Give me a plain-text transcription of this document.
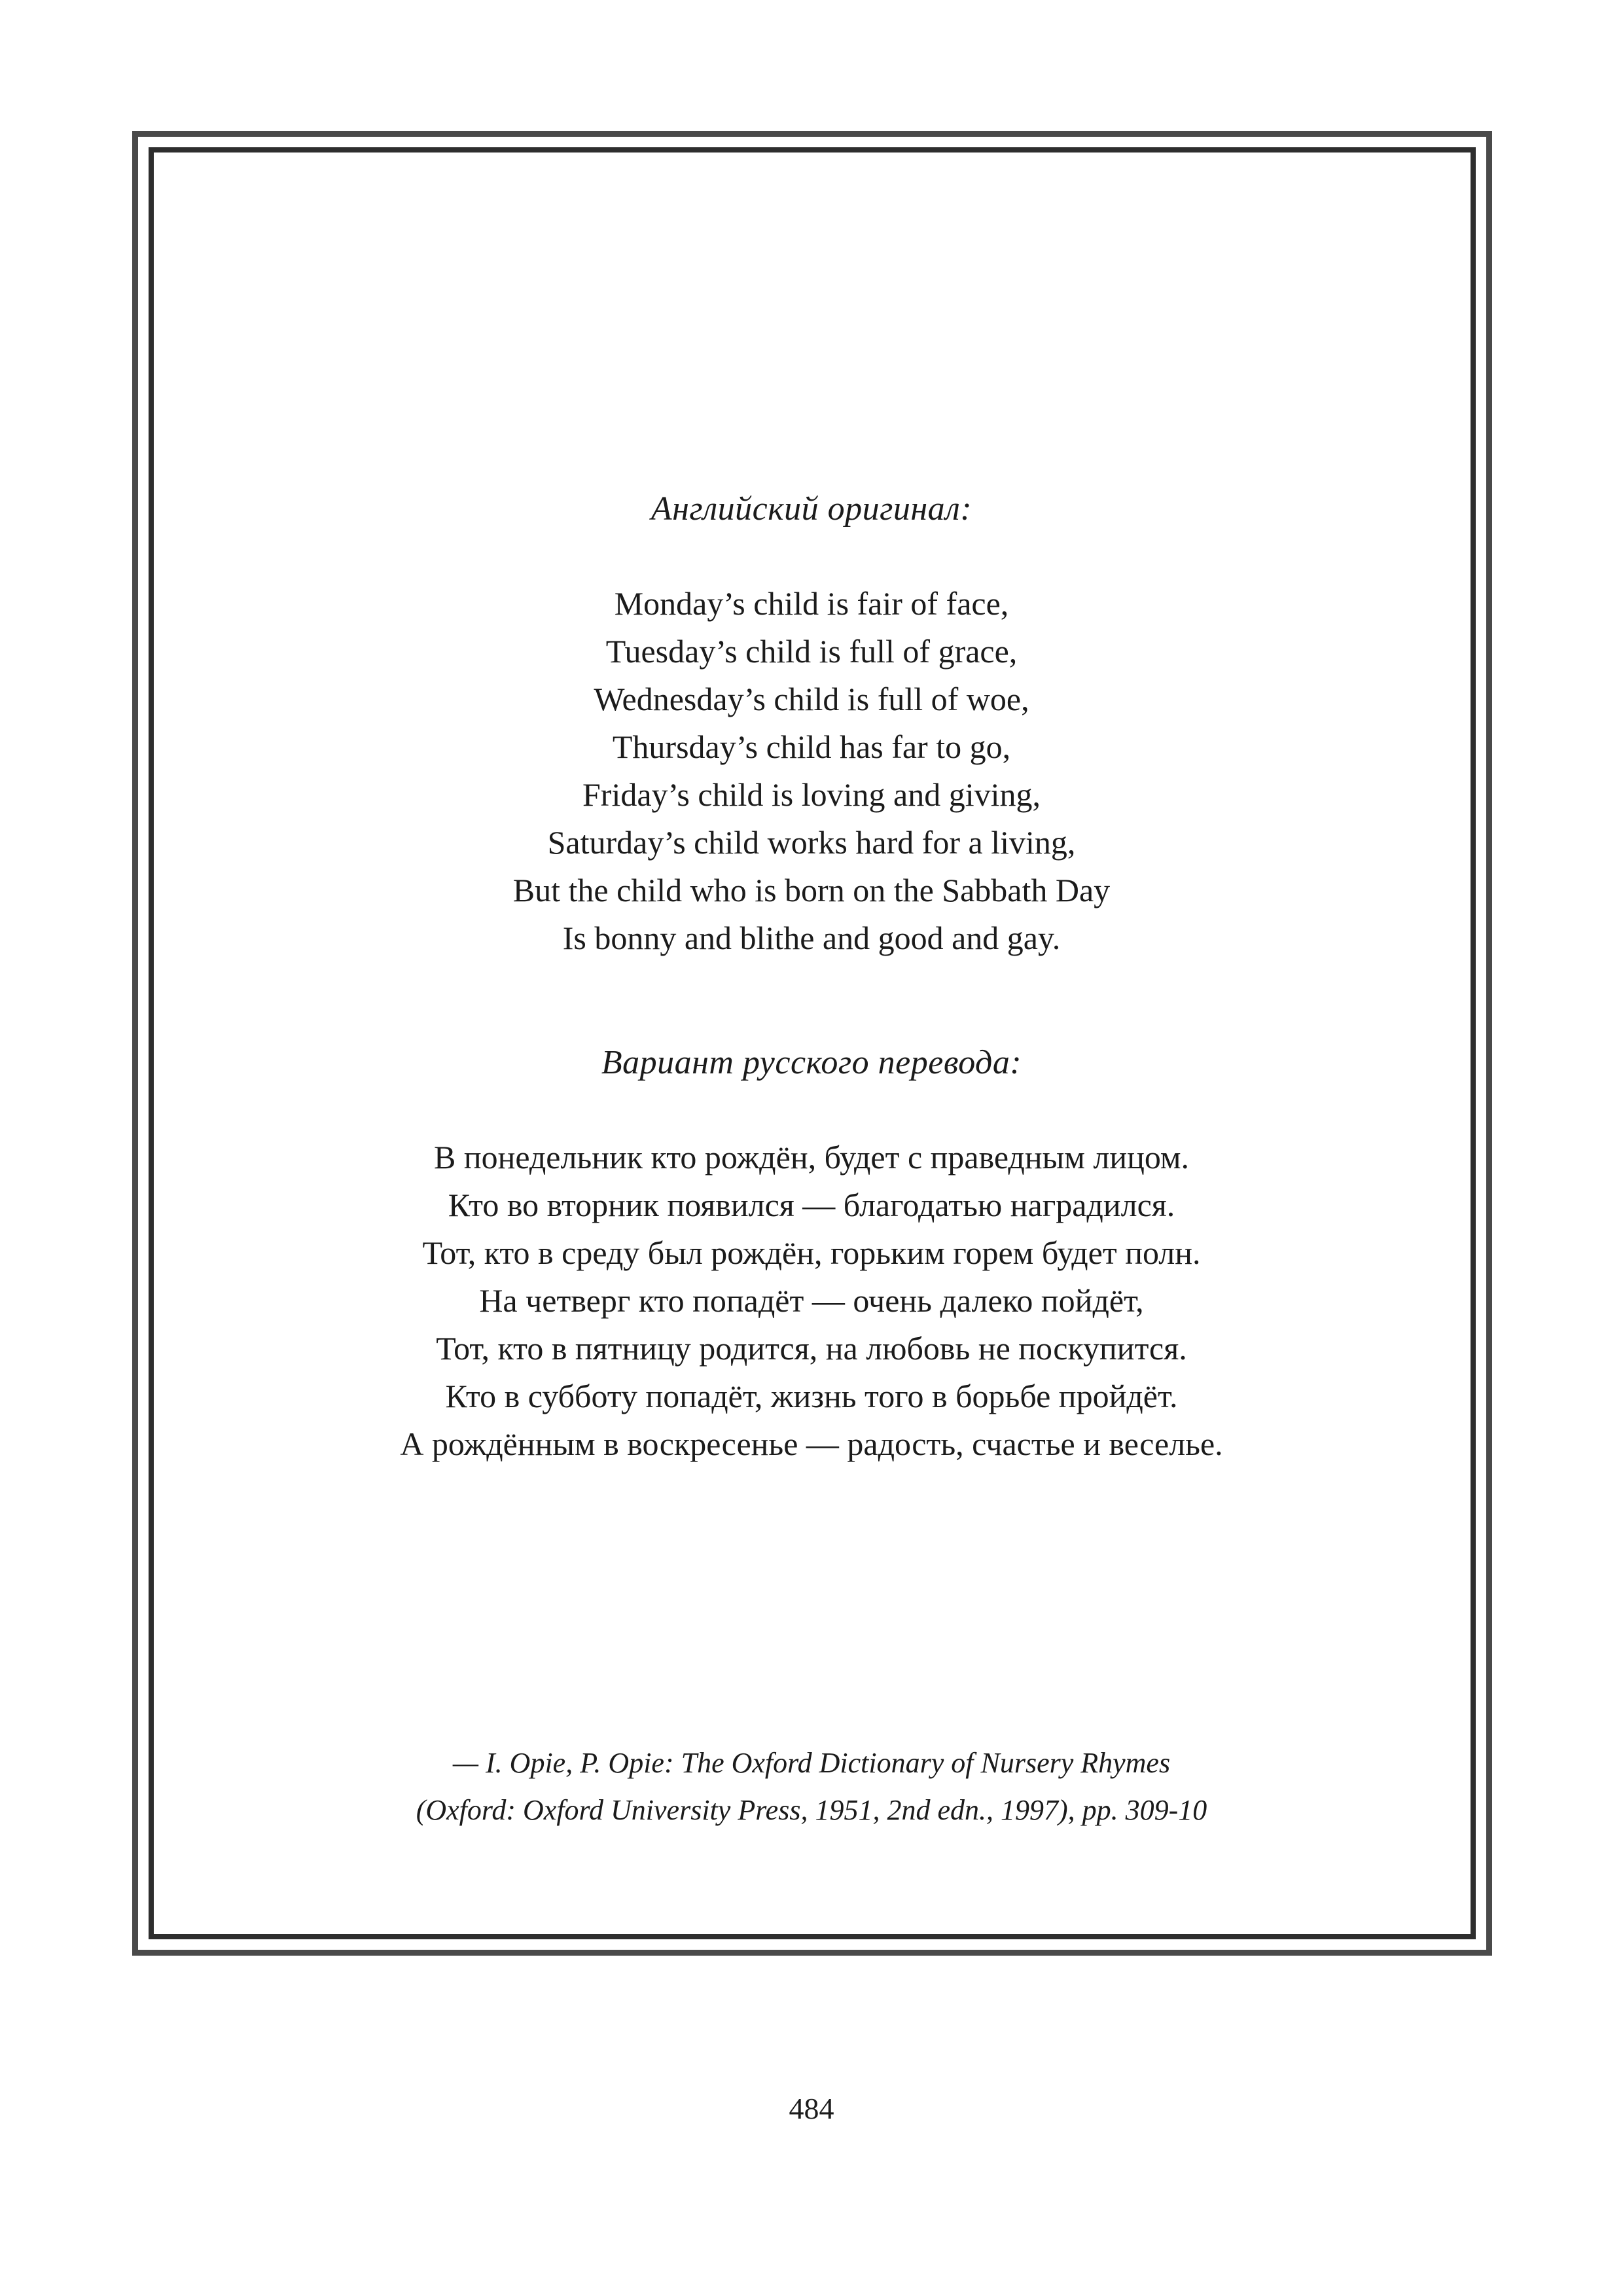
Английский оригинал:
Monday’s child is fair of face,
Tuesday’s child is full of grace,
Wednesday’s child is full of woe,
Thursday’s child has far to go,
Friday’s child is loving and giving,
Saturday’s child works hard for a living,
But the child who is born on the Sabbath Day
Is bonny and blithe and good and gay.
Вариант русского перевода:
В понедельник кто рождён, будет с праведным лицом.
Кто во вторник появился — благодатью наградился.
Тот, кто в среду был рождён, горьким горем будет полн.
На четверг кто попадёт — очень далеко пойдёт,
Тот, кто в пятницу родится, на любовь не поскупится.
Кто в субботу попадёт, жизнь того в борьбе пройдёт.
А рождённым в воскресенье — радость, счастье и веселье.
— I. Opie, P. Opie: The Oxford Dictionary of Nursery Rhymes
(Oxford: Oxford University Press, 1951, 2nd edn., 1997), pp. 309-10
484
